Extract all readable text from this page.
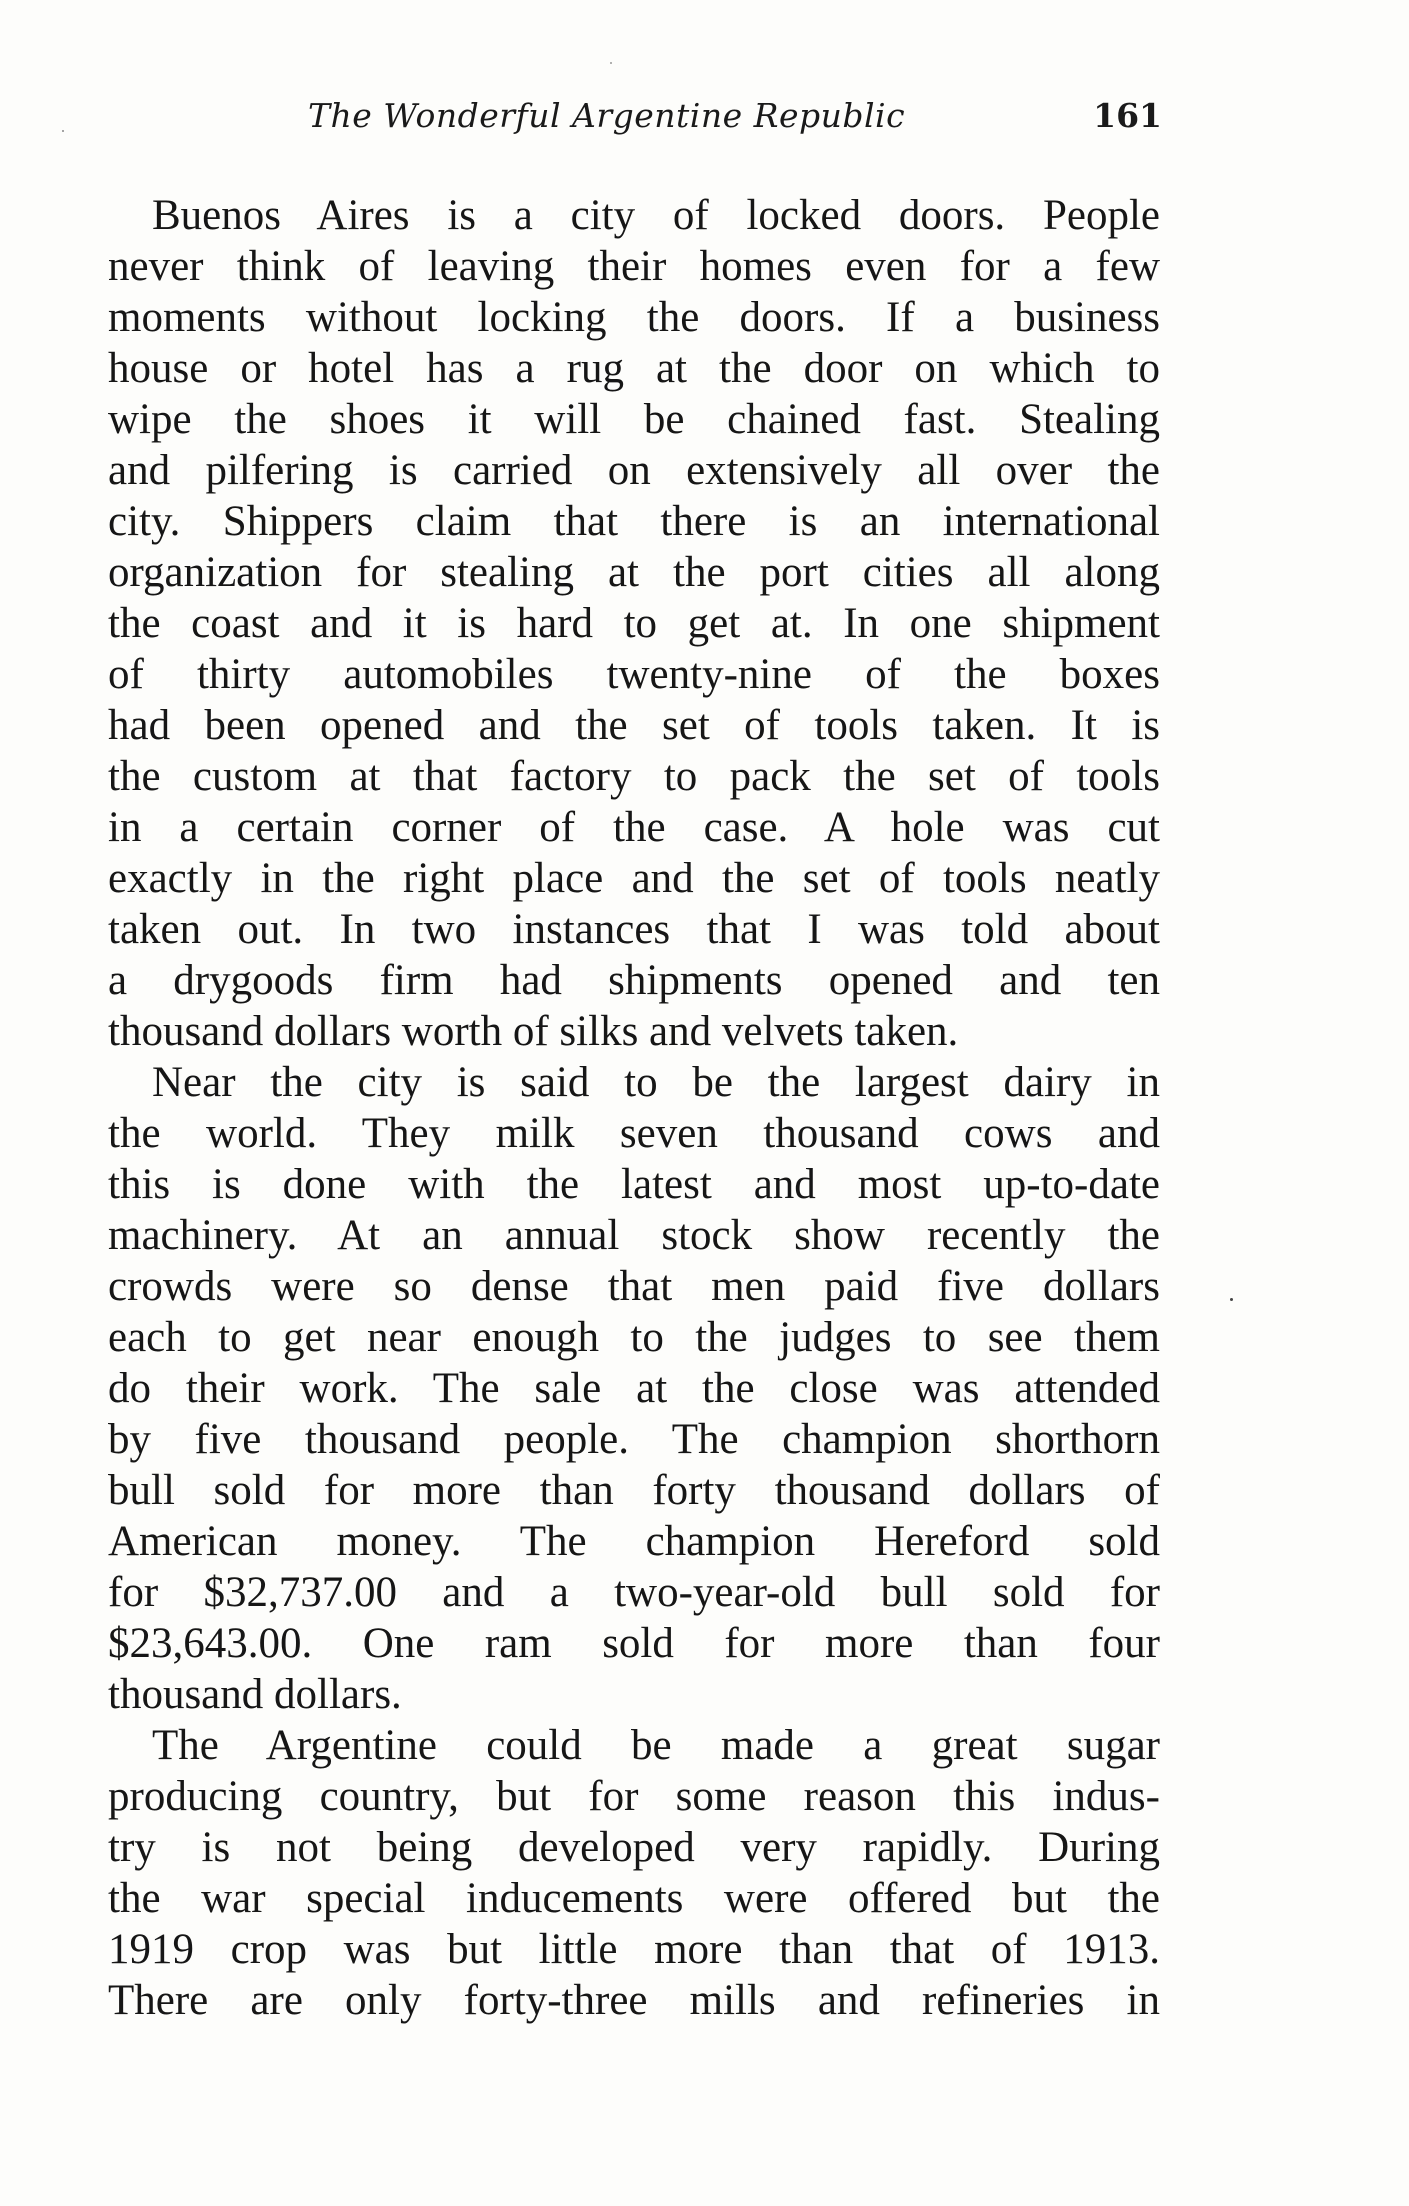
The Wonderful Argentine Republic	161
Buenos Aires is a city of locked doors. People
never think of leaving their homes even for a few
moments without locking the doors. If a business
house or hotel has a rug at the door on which to
wipe the shoes it will be chained fast. Stealing
and pilfering is carried on extensively all over the
city. Shippers claim that there is an international
organization for stealing at the port cities all along
the coast and it is hard to get at. In one shipment
of thirty automobiles twenty-nine of the boxes
had been opened and the set of tools taken. It is
the custom at that factory to pack the set of tools
in a certain corner of the case. A hole was cut
exactly in the right place and the set of tools neatly
taken out. In two instances that I was told about
a drygoods firm had shipments opened and ten
thousand dollars worth of silks and velvets taken.
Near the city is said to be the largest dairy in
the world. They milk seven thousand cows and
this is done with the latest and most up-to-date
machinery. At an annual stock show recently the
crowds were so dense that men paid five dollars
each to get near enough to the judges to see them
do their work. The sale at the close was attended
by five thousand people. The champion shorthorn
bull sold for more than forty thousand dollars of
American money. The champion Hereford sold
for $32,737.00 and a two-year-old bull sold for
$23,643.00. One ram sold for more than four
thousand dollars.
The Argentine could be made a great sugar
producing country, but for some reason this indus-
try is not being developed very rapidly. During
the war special inducements were offered but the
1919 crop was but little more than that of 1913.
There are only forty-three mills and refineries in
